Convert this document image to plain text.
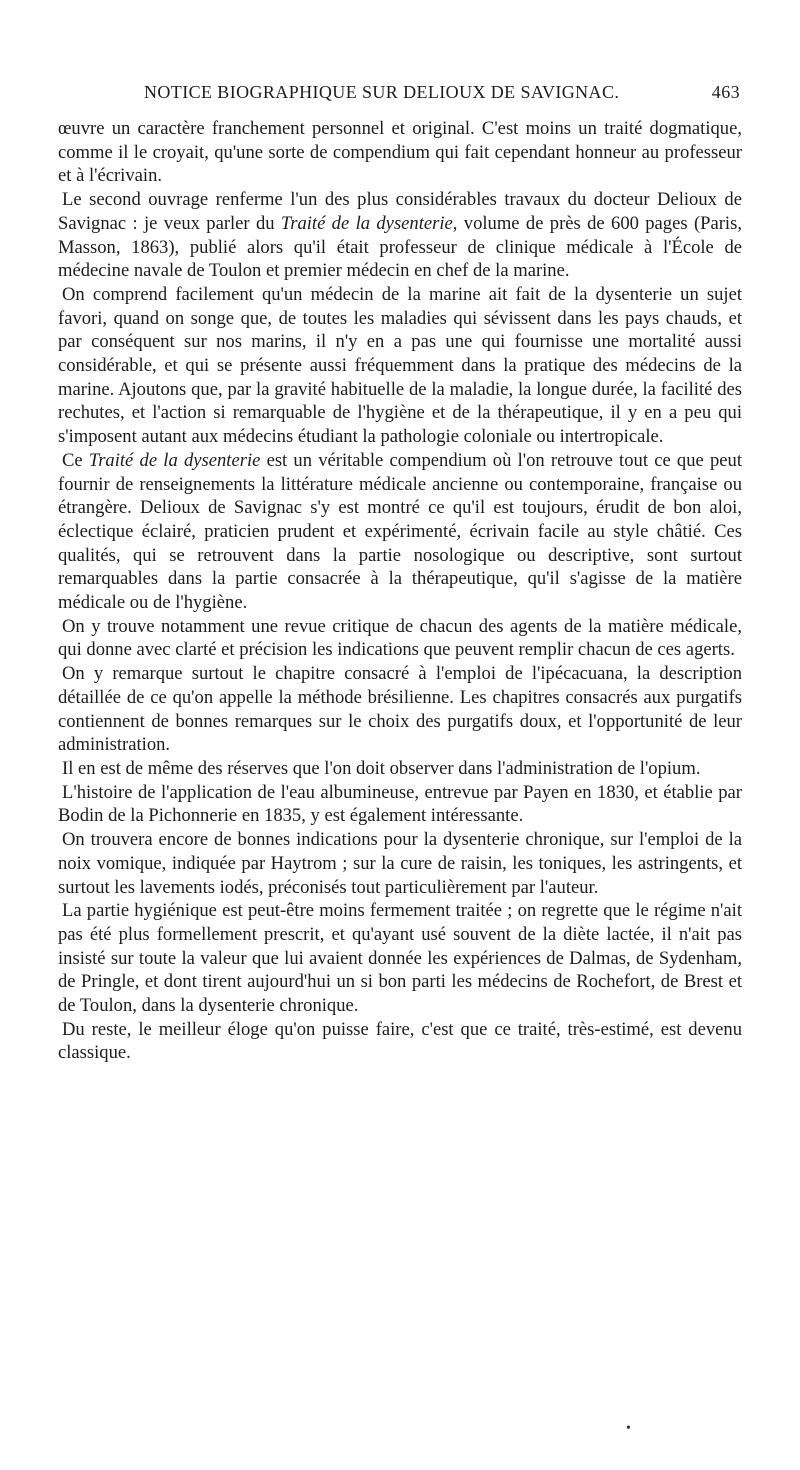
NOTICE BIOGRAPHIQUE SUR DELIOUX DE SAVIGNAC.	463

œuvre un caractère franchement personnel et original. C'est moins un traité dogmatique, comme il le croyait, qu'une sorte de compendium qui fait cependant honneur au professeur et à l'écrivain.

Le second ouvrage renferme l'un des plus considérables travaux du docteur Delioux de Savignac : je veux parler du Traité de la dysenterie, volume de près de 600 pages (Paris, Masson, 1863), publié alors qu'il était professeur de clinique médicale à l'École de médecine navale de Toulon et premier médecin en chef de la marine.

On comprend facilement qu'un médecin de la marine ait fait de la dysenterie un sujet favori, quand on songe que, de toutes les maladies qui sévissent dans les pays chauds, et par conséquent sur nos marins, il n'y en a pas une qui fournisse une mortalité aussi considérable, et qui se présente aussi fréquemment dans la pratique des médecins de la marine. Ajoutons que, par la gravité habituelle de la maladie, la longue durée, la facilité des rechutes, et l'action si remarquable de l'hygiène et de la thérapeutique, il y en a peu qui s'imposent autant aux médecins étudiant la pathologie coloniale ou intertropicale.

Ce Traité de la dysenterie est un véritable compendium où l'on retrouve tout ce que peut fournir de renseignements la littérature médicale ancienne ou contemporaine, française ou étrangère. Delioux de Savignac s'y est montré ce qu'il est toujours, érudit de bon aloi, éclectique éclairé, praticien prudent et expérimenté, écrivain facile au style châtié. Ces qualités, qui se retrouvent dans la partie nosologique ou descriptive, sont surtout remarquables dans la partie consacrée à la thérapeutique, qu'il s'agisse de la matière médicale ou de l'hygiène.

On y trouve notamment une revue critique de chacun des agents de la matière médicale, qui donne avec clarté et précision les indications que peuvent remplir chacun de ces agerts.

On y remarque surtout le chapitre consacré à l'emploi de l'ipécacuana, la description détaillée de ce qu'on appelle la méthode brésilienne. Les chapitres consacrés aux purgatifs contiennent de bonnes remarques sur le choix des purgatifs doux, et l'opportunité de leur administration.

Il en est de même des réserves que l'on doit observer dans l'administration de l'opium.

L'histoire de l'application de l'eau albumineuse, entrevue par Payen en 1830, et établie par Bodin de la Pichonnerie en 1835, y est également intéressante.

On trouvera encore de bonnes indications pour la dysenterie chronique, sur l'emploi de la noix vomique, indiquée par Haytrom ; sur la cure de raisin, les toniques, les astringents, et surtout les lavements iodés, préconisés tout particulièrement par l'auteur.

La partie hygiénique est peut-être moins fermement traitée ; on regrette que le régime n'ait pas été plus formellement prescrit, et qu'ayant usé souvent de la diète lactée, il n'ait pas insisté sur toute la valeur que lui avaient donnée les expériences de Dalmas, de Sydenham, de Pringle, et dont tirent aujourd'hui un si bon parti les médecins de Rochefort, de Brest et de Toulon, dans la dysenterie chronique.

Du reste, le meilleur éloge qu'on puisse faire, c'est que ce traité, très-estimé, est devenu classique.

•
